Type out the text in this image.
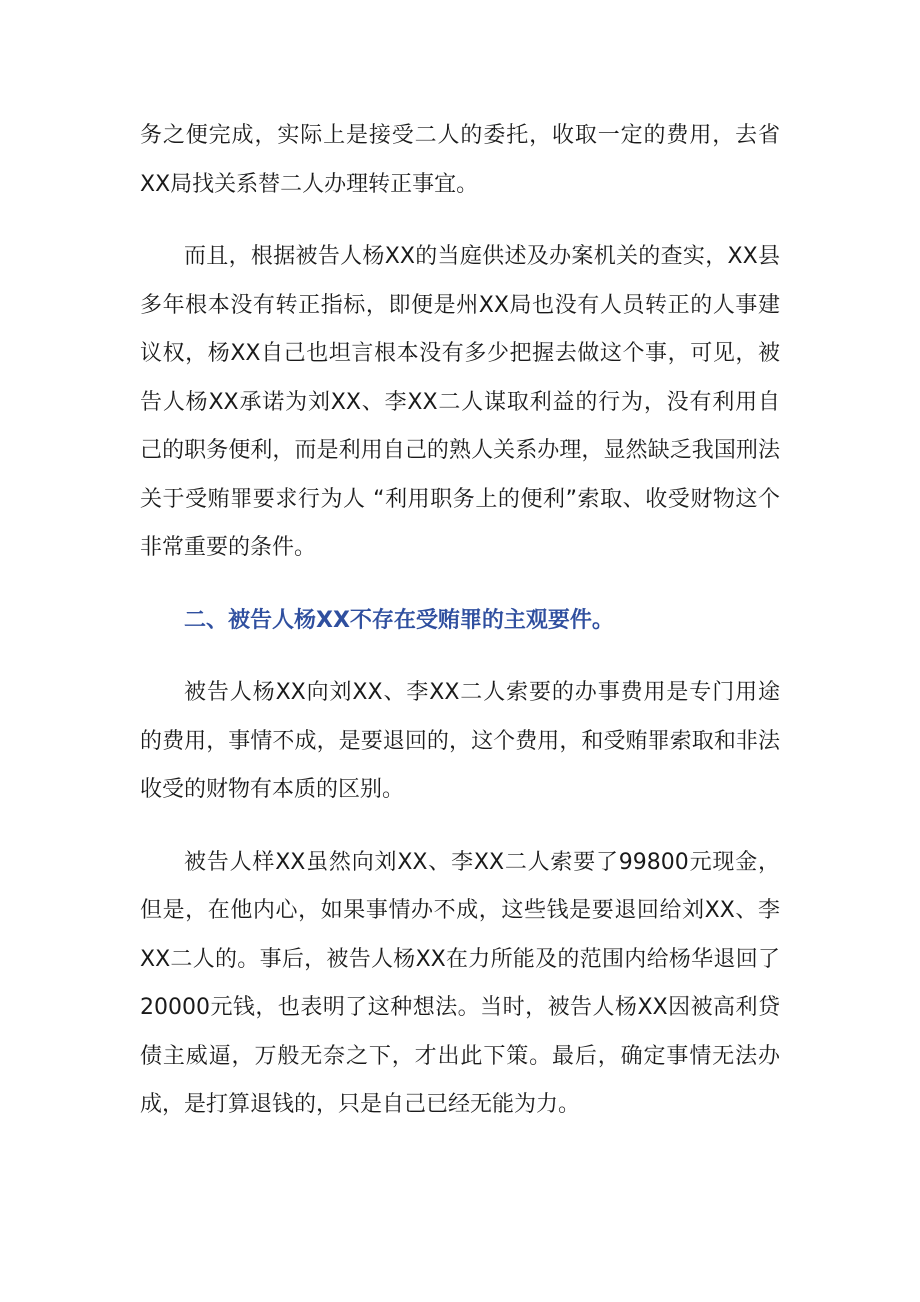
务之便完成，实际上是接受二人的委托，收取一定的费用，去省XX局找关系替二人办理转正事宜。

而且，根据被告人杨XX的当庭供述及办案机关的查实，XX县多年根本没有转正指标，即便是州XX局也没有人员转正的人事建议权，杨XX自己也坦言根本没有多少把握去做这个事，可见，被告人杨XX承诺为刘XX、李XX二人谋取利益的行为，没有利用自己的职务便利，而是利用自己的熟人关系办理，显然缺乏我国刑法关于受贿罪要求行为人 “利用职务上的便利”索取、收受财物这个非常重要的条件。

二、被告人杨XX不存在受贿罪的主观要件。

被告人杨XX向刘XX、李XX二人索要的办事费用是专门用途的费用，事情不成，是要退回的，这个费用，和受贿罪索取和非法收受的财物有本质的区别。

被告人样XX虽然向刘XX、李XX二人索要了99800元现金，但是，在他内心，如果事情办不成，这些钱是要退回给刘XX、李XX二人的。事后，被告人杨XX在力所能及的范围内给杨华退回了20000元钱，也表明了这种想法。当时，被告人杨XX因被高利贷债主威逼，万般无奈之下，才出此下策。最后，确定事情无法办成，是打算退钱的，只是自己已经无能为力。
